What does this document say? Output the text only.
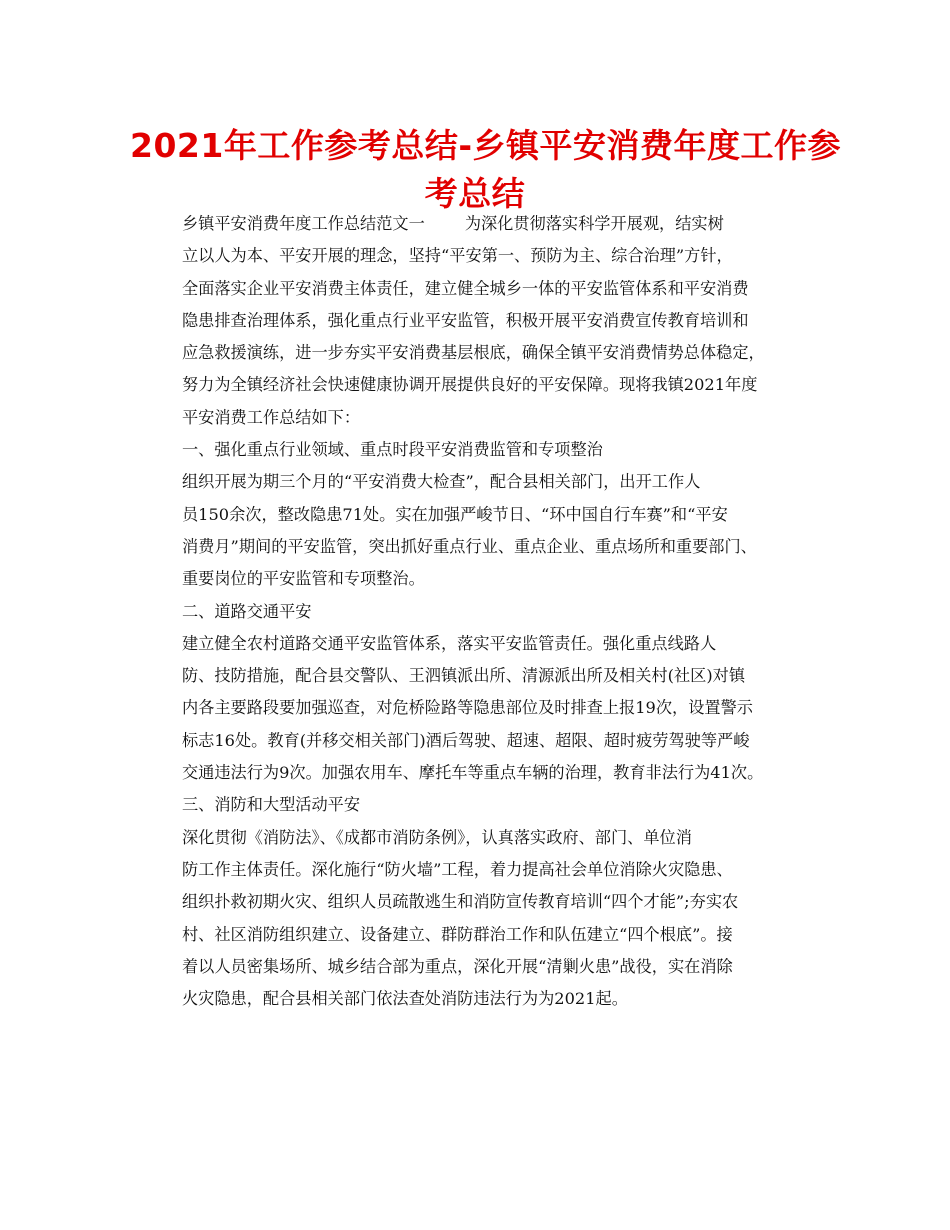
2021年工作参考总结-乡镇平安消费年度工作参
考总结

乡镇平安消费年度工作总结范文一 为深化贯彻落实科学开展观，结实树
立以人为本、平安开展的理念，坚持“平安第一、预防为主、综合治理”方针，
全面落实企业平安消费主体责任，建立健全城乡一体的平安监管体系和平安消费
隐患排查治理体系，强化重点行业平安监管，积极开展平安消费宣传教育培训和
应急救援演练，进一步夯实平安消费基层根底，确保全镇平安消费情势总体稳定，
努力为全镇经济社会快速健康协调开展提供良好的平安保障。现将我镇2021年度
平安消费工作总结如下：

一、强化重点行业领域、重点时段平安消费监管和专项整治

组织开展为期三个月的“平安消费大检查”，配合县相关部门，出开工作人
员150余次，整改隐患71处。实在加强严峻节日、“环中国自行车赛”和“平安
消费月”期间的平安监管，突出抓好重点行业、重点企业、重点场所和重要部门、
重要岗位的平安监管和专项整治。

二、道路交通平安

建立健全农村道路交通平安监管体系，落实平安监管责任。强化重点线路人
防、技防措施，配合县交警队、王泗镇派出所、清源派出所及相关村(社区)对镇
内各主要路段要加强巡查，对危桥险路等隐患部位及时排查上报19次，设置警示
标志16处。教育(并移交相关部门)酒后驾驶、超速、超限、超时疲劳驾驶等严峻
交通违法行为9次。加强农用车、摩托车等重点车辆的治理，教育非法行为41次。

三、消防和大型活动平安

深化贯彻《消防法》、《成都市消防条例》，认真落实政府、部门、单位消
防工作主体责任。深化施行“防火墙”工程，着力提高社会单位消除火灾隐患、
组织扑救初期火灾、组织人员疏散逃生和消防宣传教育培训“四个才能”;夯实农
村、社区消防组织建立、设备建立、群防群治工作和队伍建立“四个根底”。接
着以人员密集场所、城乡结合部为重点，深化开展“清剿火患”战役，实在消除
火灾隐患，配合县相关部门依法查处消防违法行为为2021起。
